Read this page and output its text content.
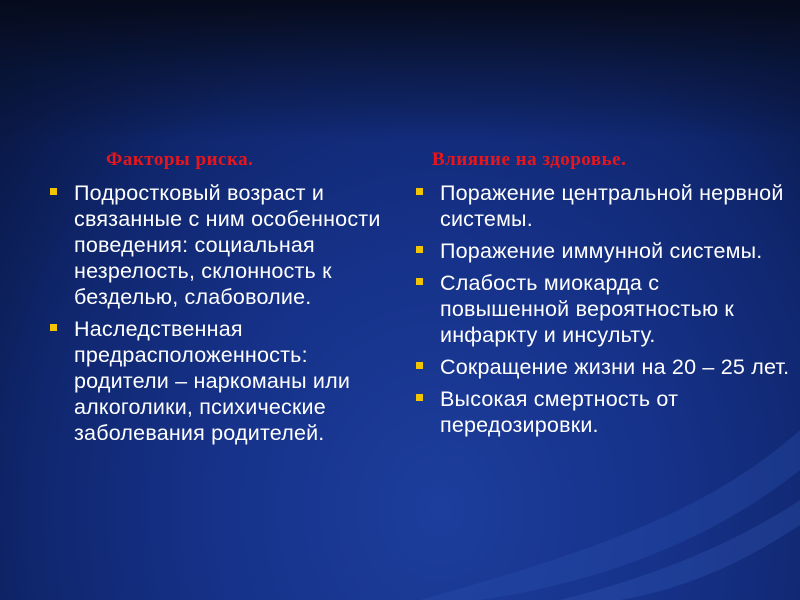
Факторы риска.
Подростковый возраст и связанные с ним особенности поведения: социальная незрелость, склонность к безделью, слабоволие.
Наследственная предрасположенность: родители – наркоманы или алкоголики, психические заболевания родителей.
Влияние на здоровье.
Поражение центральной нервной системы.
Поражение иммунной системы.
Слабость миокарда с повышенной вероятностью к инфаркту и инсульту.
Сокращение жизни на 20 – 25 лет.
Высокая смертность от передозировки.
